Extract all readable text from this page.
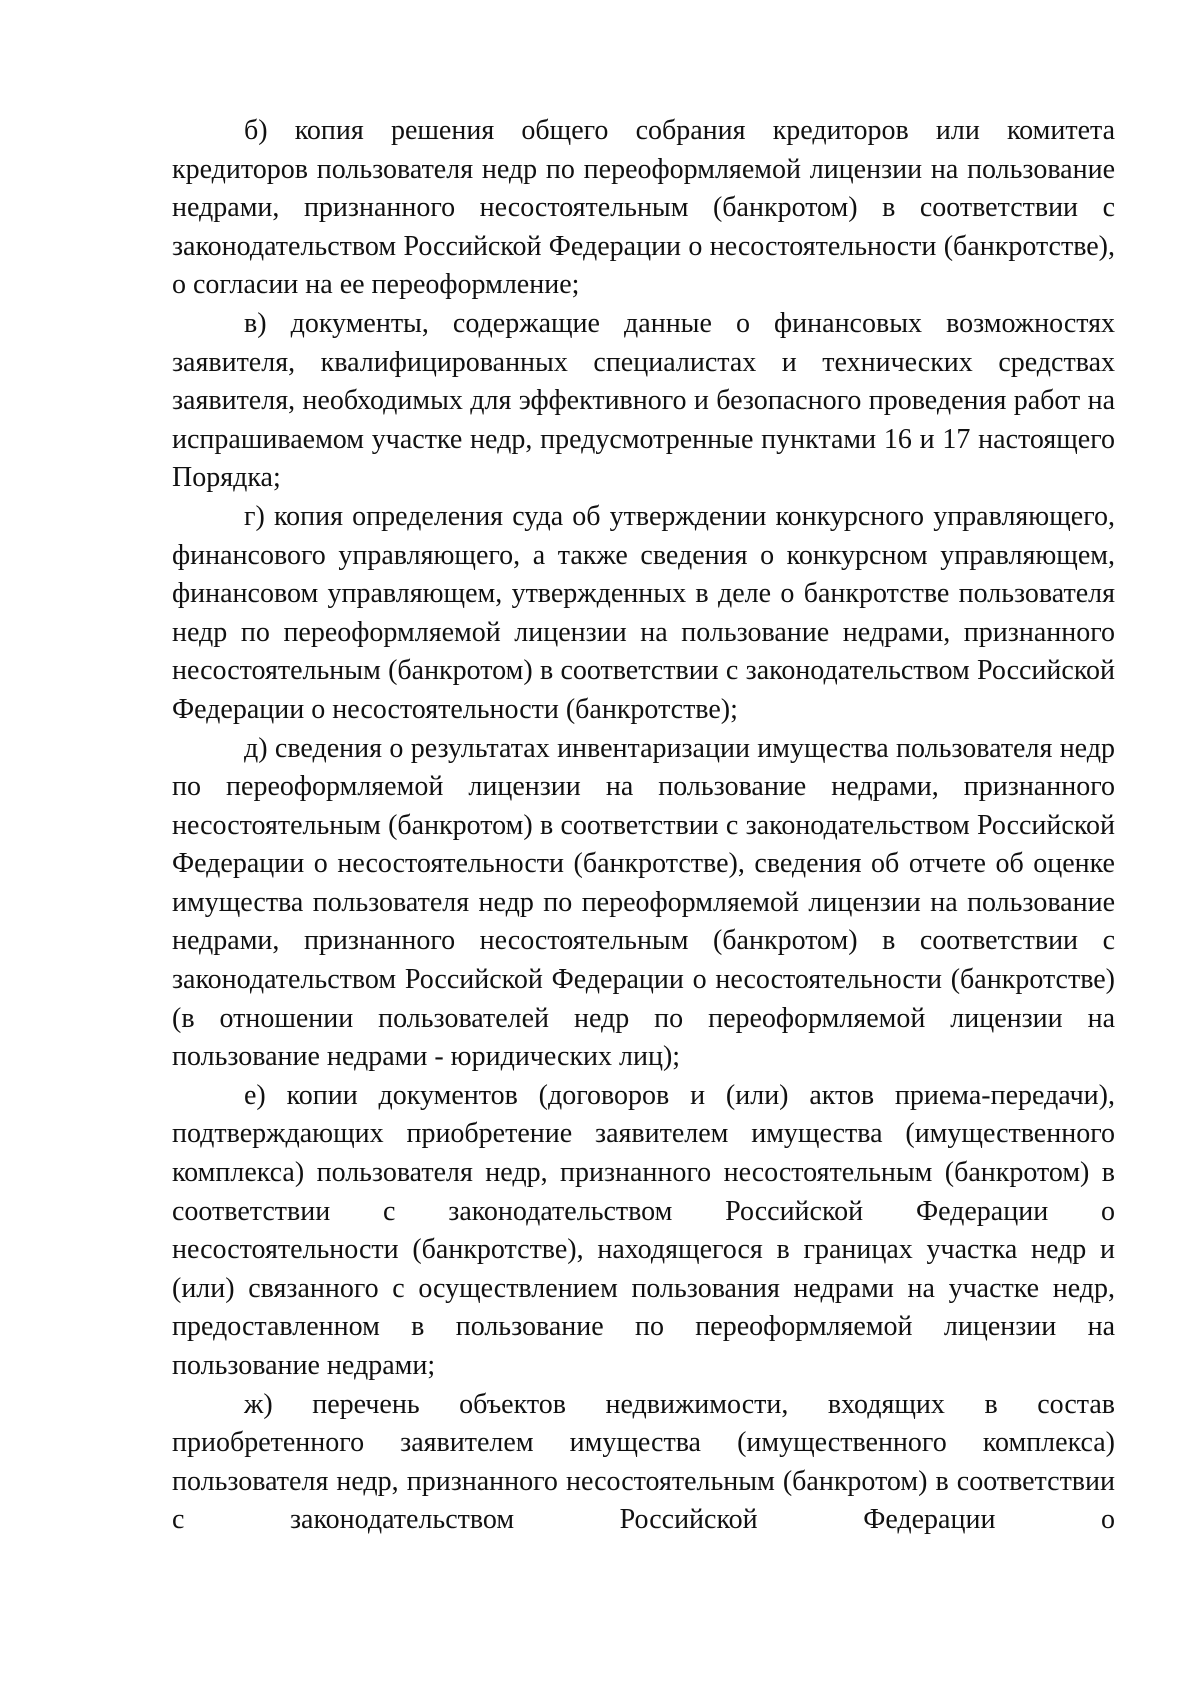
б) копия решения общего собрания кредиторов или комитета кредиторов пользователя недр по переоформляемой лицензии на пользование недрами, признанного несостоятельным (банкротом) в соответствии с законодательством Российской Федерации о несостоятельности (банкротстве), о согласии на ее переоформление;

в) документы, содержащие данные о финансовых возможностях заявителя, квалифицированных специалистах и технических средствах заявителя, необходимых для эффективного и безопасного проведения работ на испрашиваемом участке недр, предусмотренные пунктами 16 и 17 настоящего Порядка;

г) копия определения суда об утверждении конкурсного управляющего, финансового управляющего, а также сведения о конкурсном управляющем, финансовом управляющем, утвержденных в деле о банкротстве пользователя недр по переоформляемой лицензии на пользование недрами, признанного несостоятельным (банкротом) в соответствии с законодательством Российской Федерации о несостоятельности (банкротстве);

д) сведения о результатах инвентаризации имущества пользователя недр по переоформляемой лицензии на пользование недрами, признанного несостоятельным (банкротом) в соответствии с законодательством Российской Федерации о несостоятельности (банкротстве), сведения об отчете об оценке имущества пользователя недр по переоформляемой лицензии на пользование недрами, признанного несостоятельным (банкротом) в соответствии с законодательством Российской Федерации о несостоятельности (банкротстве) (в отношении пользователей недр по переоформляемой лицензии на пользование недрами - юридических лиц);

е) копии документов (договоров и (или) актов приема-передачи), подтверждающих приобретение заявителем имущества (имущественного комплекса) пользователя недр, признанного несостоятельным (банкротом) в соответствии с законодательством Российской Федерации о несостоятельности (банкротстве), находящегося в границах участка недр и (или) связанного с осуществлением пользования недрами на участке недр, предоставленном в пользование по переоформляемой лицензии на пользование недрами;

ж) перечень объектов недвижимости, входящих в состав приобретенного заявителем имущества (имущественного комплекса) пользователя недр, признанного несостоятельным (банкротом) в соответствии с законодательством Российской Федерации о
